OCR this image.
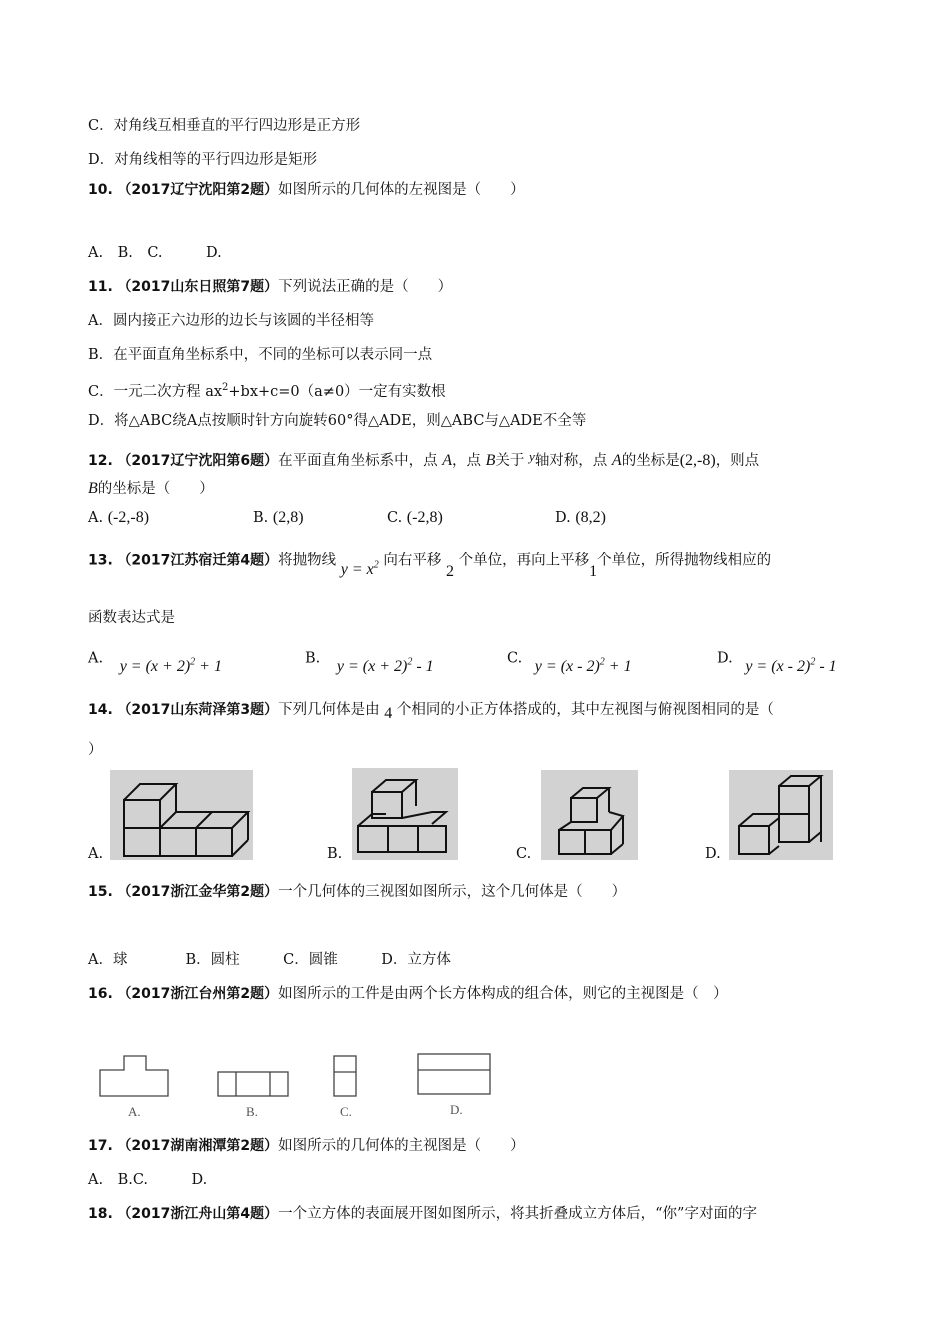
C．对角线互相垂直的平行四边形是正方形
D．对角线相等的平行四边形是矩形
10. （2017辽宁沈阳第2题）如图所示的几何体的左视图是（　　）
A.　B.　C.　　　D.
11. （2017山东日照第7题）下列说法正确的是（　　）
A．圆内接正六边形的边长与该圆的半径相等
B．在平面直角坐标系中，不同的坐标可以表示同一点
C．一元二次方程 $ax^2+bx+c=0(a\ne 0)$一定有实数根
D．将△ABC绕A点按顺时针方向旋转60°得△ADE，则△ABC与△ADE不全等
12. （2017辽宁沈阳第6题）在平面直角坐标系中，点 A，点 B关于 y轴对称，点 A的坐标是(2,-8)，则点
B的坐标是（　　）
A. (-2,-8)	B. (2,8)	C. (-2,8)	D. (8,2)
13. （2017江苏宿迁第4题）将抛物线 $y = x^2$ 向右平移 2 个单位，再向上平移1个单位，所得抛物线相应的
函数表达式是
A. $y = (x + 2)^2 + 1$	B. $y = (x + 2)^2 - 1$	C. y = (x - 2)$^2$ + 1	D. y = (x - 2)$^2$ - 1
14. （2017山东菏泽第3题）下列几何体是由 4 个相同的小正方体搭成的，其中左视图与俯视图相同的是（
）
A.	B.	C.	D.
15. （2017浙江金华第2题）一个几何体的三视图如图所示，这个几何体是（　　）
A．球　　　　B．圆柱　　　C．圆锥　　　D．立方体
16. （2017浙江台州第2题）如图所示的工件是由两个长方体构成的组合体，则它的主视图是（　）
A.	B.	C.	D.
17. （2017湖南湘潭第2题）如图所示的几何体的主视图是（　　）
A.　B.C.　　　D.
18. （2017浙江舟山第4题）一个立方体的表面展开图如图所示，将其折叠成立方体后，“你”字对面的字
